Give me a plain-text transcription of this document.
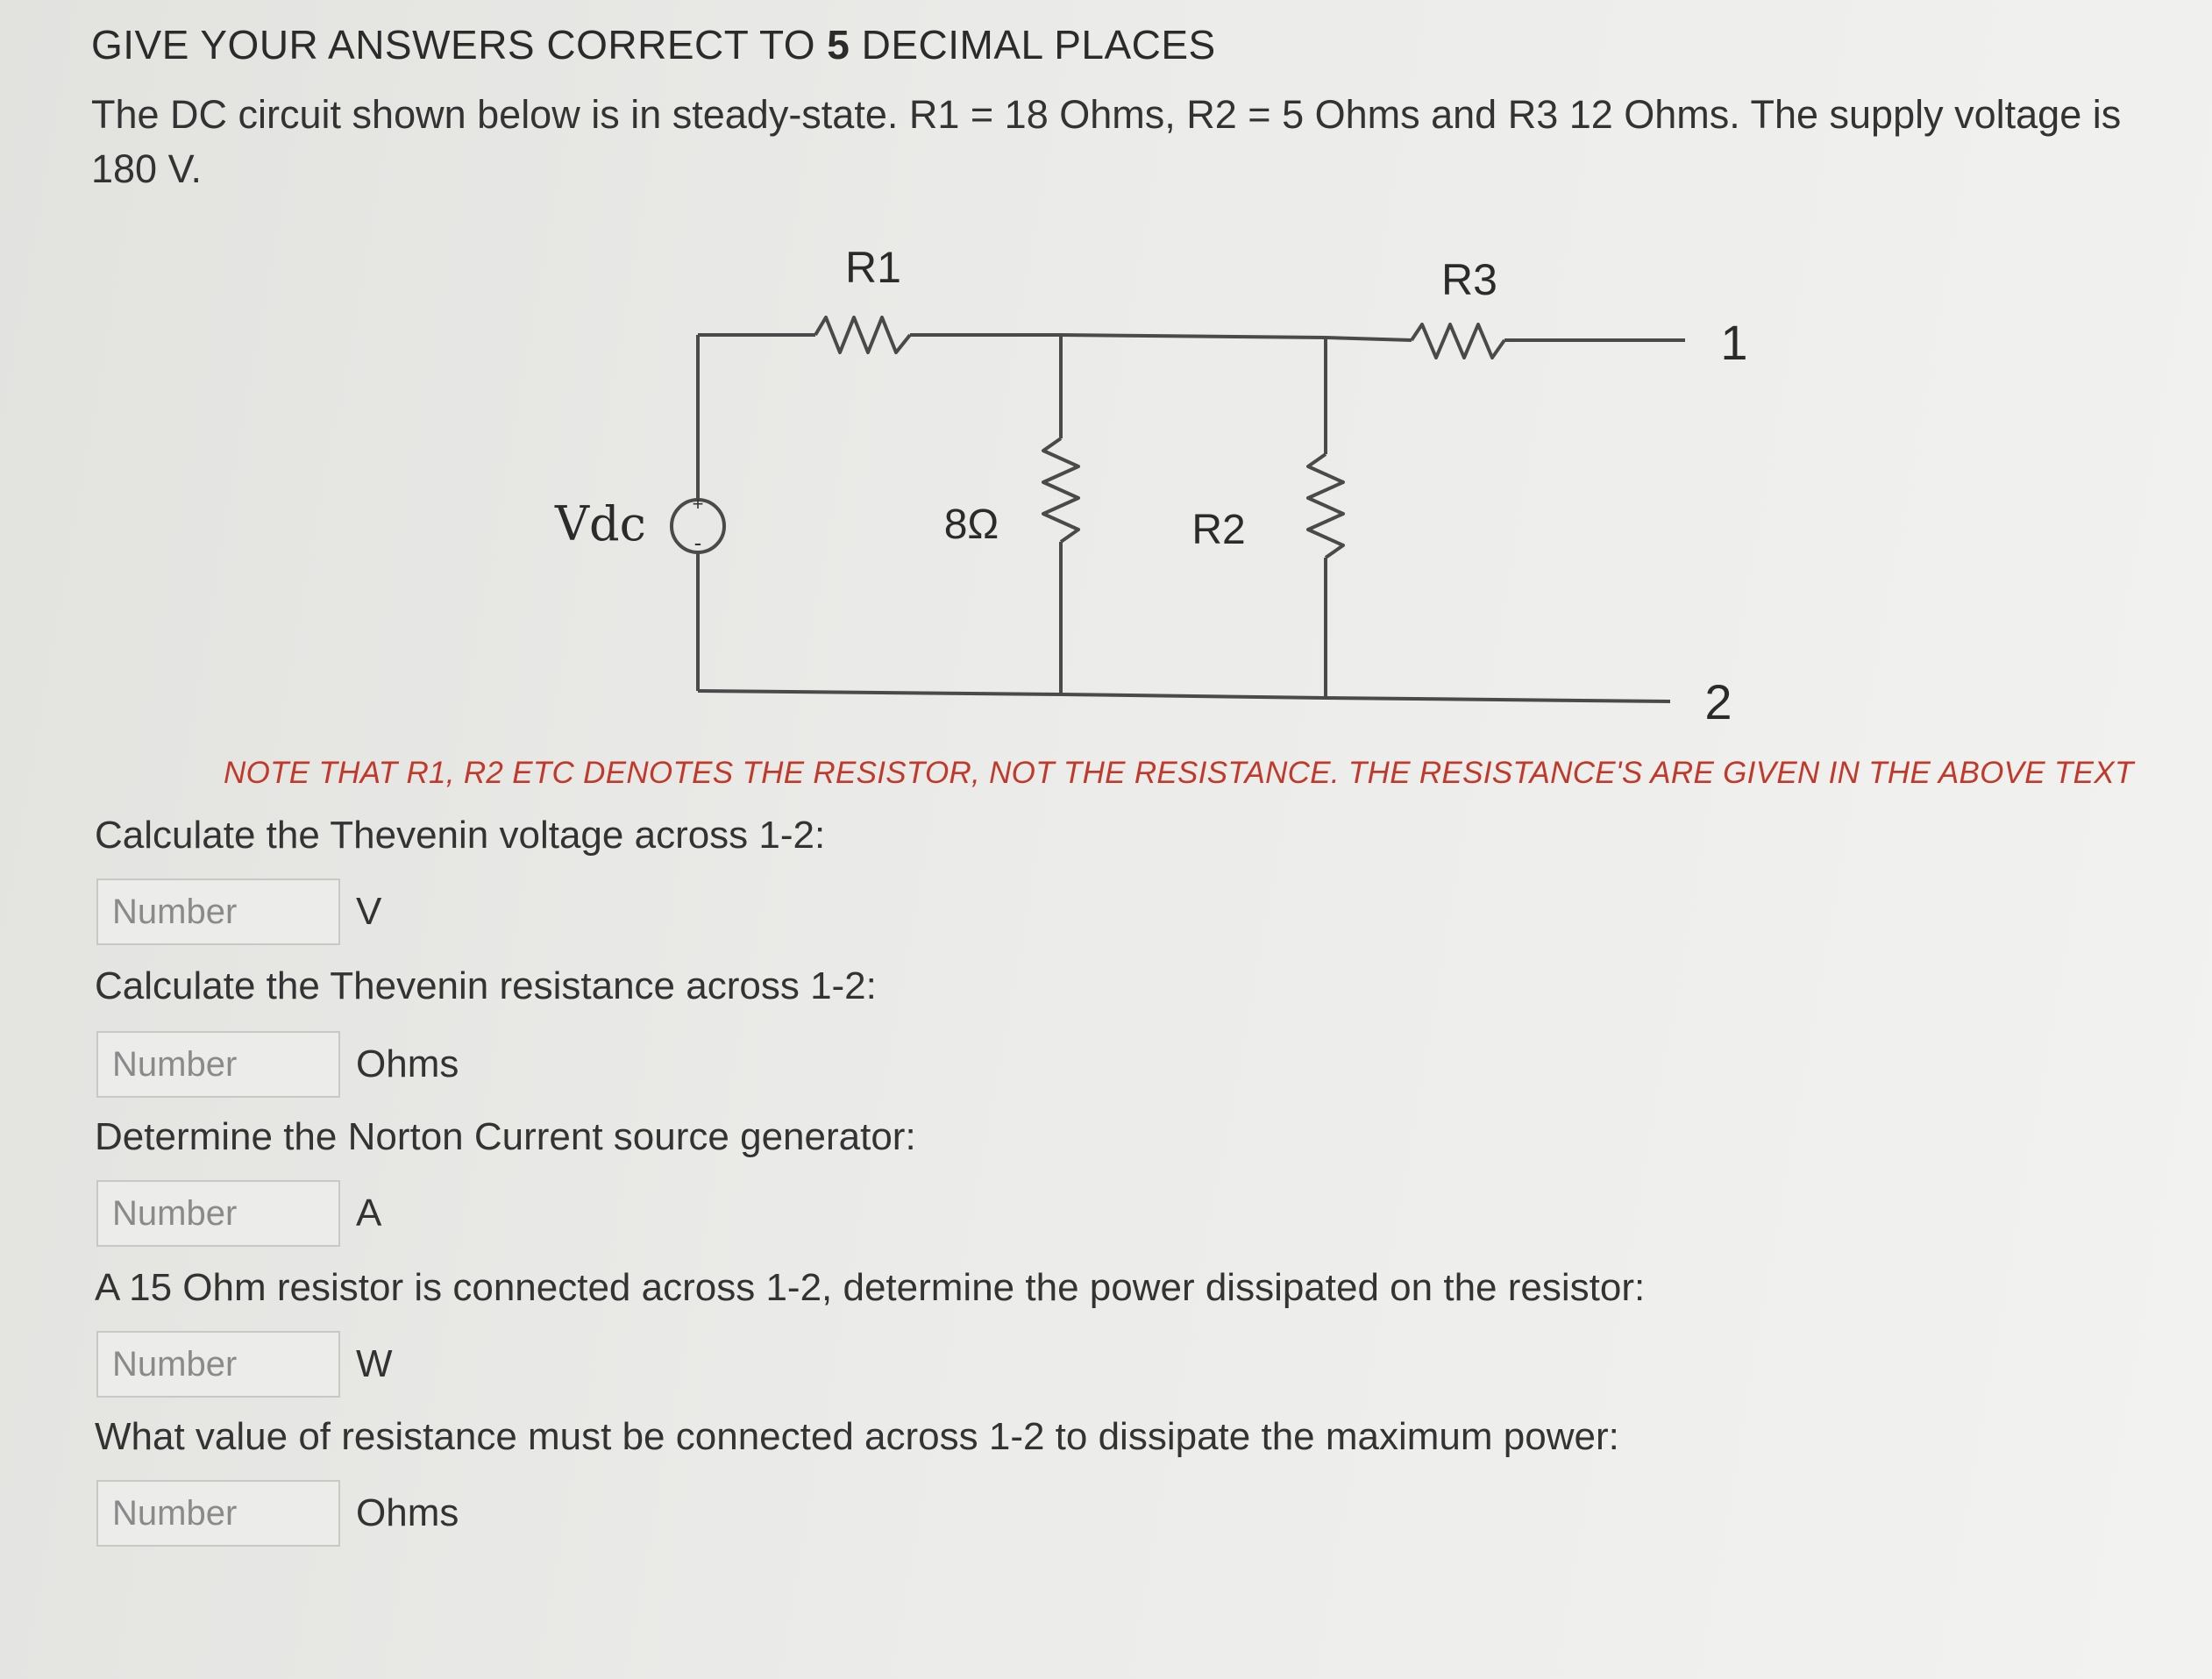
GIVE YOUR ANSWERS CORRECT TO 5 DECIMAL PLACES
The DC circuit shown below is in steady-state. R1 = 18 Ohms, R2 = 5 Ohms and R3 12 Ohms. The supply voltage is 180 V.
+
-
Vdc
R1	R3
8Ω	R2
1
2
NOTE THAT R1, R2 ETC DENOTES THE RESISTOR, NOT THE RESISTANCE. THE RESISTANCE'S ARE GIVEN IN THE ABOVE TEXT
Calculate the Thevenin voltage across 1-2:
Number
V
Calculate the Thevenin resistance across 1-2:
Number
Ohms
Determine the Norton Current source generator:
Number
A
A 15 Ohm resistor is connected across 1-2, determine the power dissipated on the resistor:
Number
W
What value of resistance must be connected across 1-2 to dissipate the maximum power:
Number
Ohms
